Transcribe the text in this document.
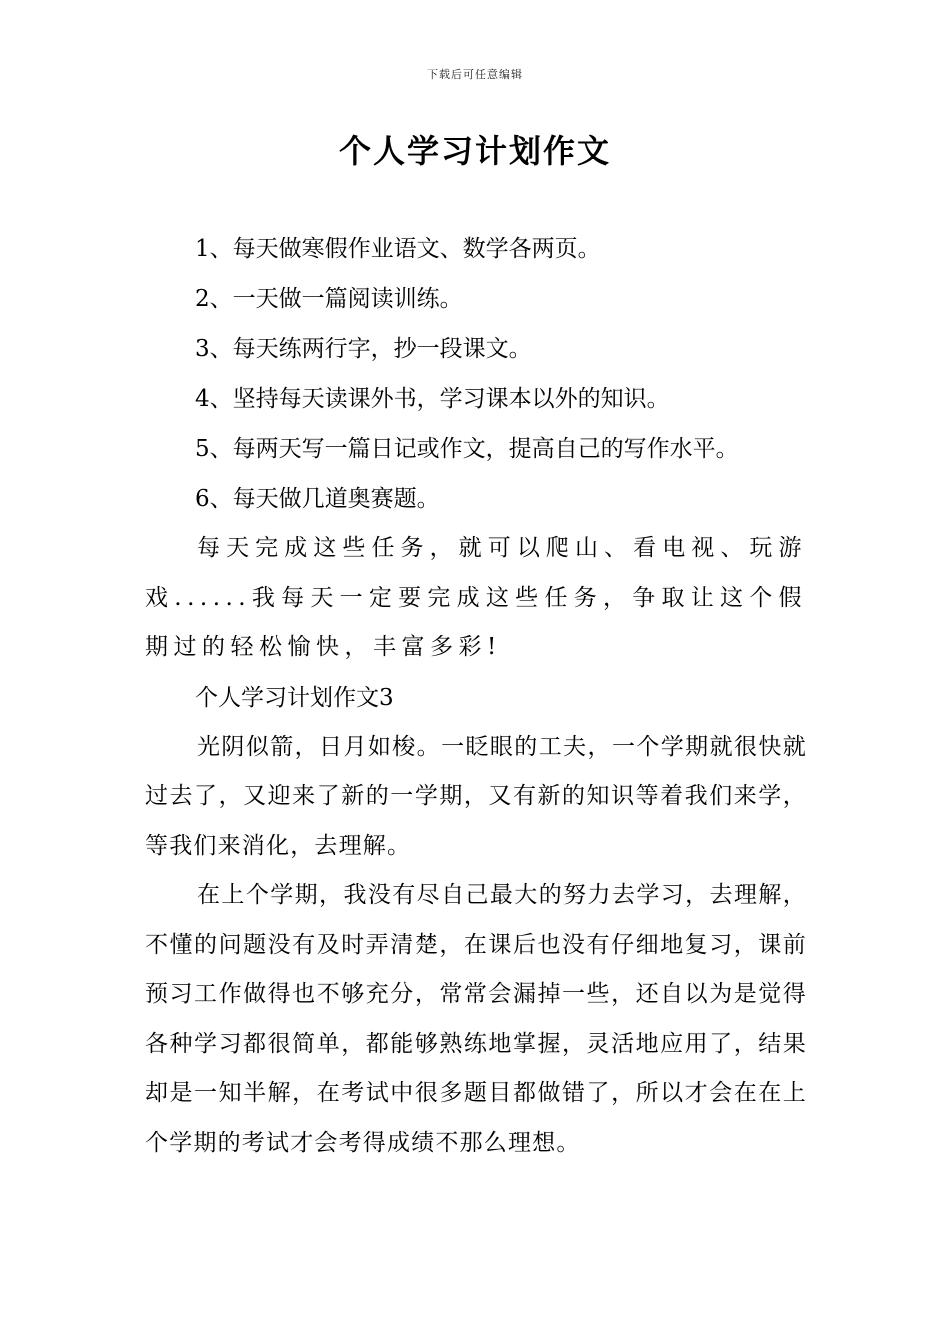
下载后可任意编辑
个人学习计划作文
1、每天做寒假作业语文、数学各两页。
2、一天做一篇阅读训练。
3、每天练两行字，抄一段课文。
4、坚持每天读课外书，学习课本以外的知识。
5、每两天写一篇日记或作文，提高自己的写作水平。
6、每天做几道奥赛题。

每天完成这些任务，就可以爬山、看电视、玩游戏......我每天一定要完成这些任务，争取让这个假期过的轻松愉快，丰富多彩!

个人学习计划作文3

光阴似箭，日月如梭。一眨眼的工夫，一个学期就很快就过去了，又迎来了新的一学期，又有新的知识等着我们来学，等我们来消化，去理解。

在上个学期，我没有尽自己最大的努力去学习，去理解，不懂的问题没有及时弄清楚，在课后也没有仔细地复习，课前预习工作做得也不够充分，常常会漏掉一些，还自以为是觉得各种学习都很简单，都能够熟练地掌握，灵活地应用了，结果却是一知半解，在考试中很多题目都做错了，所以才会在在上个学期的考试才会考得成绩不那么理想。
